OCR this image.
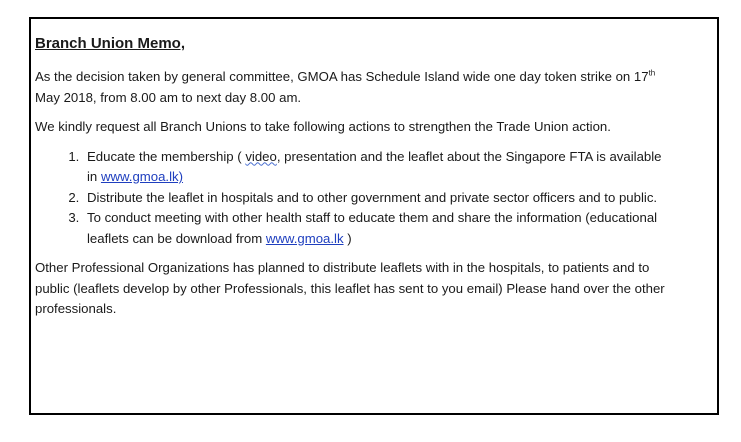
Branch Union Memo,

As the decision taken by general committee, GMOA has Schedule Island wide one day token strike on 17th May 2018, from 8.00 am to next day 8.00 am.

We kindly request all Branch Unions to take following actions to strengthen the Trade Union action.

1. Educate the membership ( video, presentation and the leaflet about the Singapore FTA is available in www.gmoa.lk)
2. Distribute the leaflet in hospitals and to other government and private sector officers and to public.
3. To conduct meeting with other health staff to educate them and share the information (educational leaflets can be download from www.gmoa.lk )

Other Professional Organizations has planned to distribute leaflets with in the hospitals, to patients and to public (leaflets develop by other Professionals, this leaflet has sent to you email) Please hand over the other professionals.
